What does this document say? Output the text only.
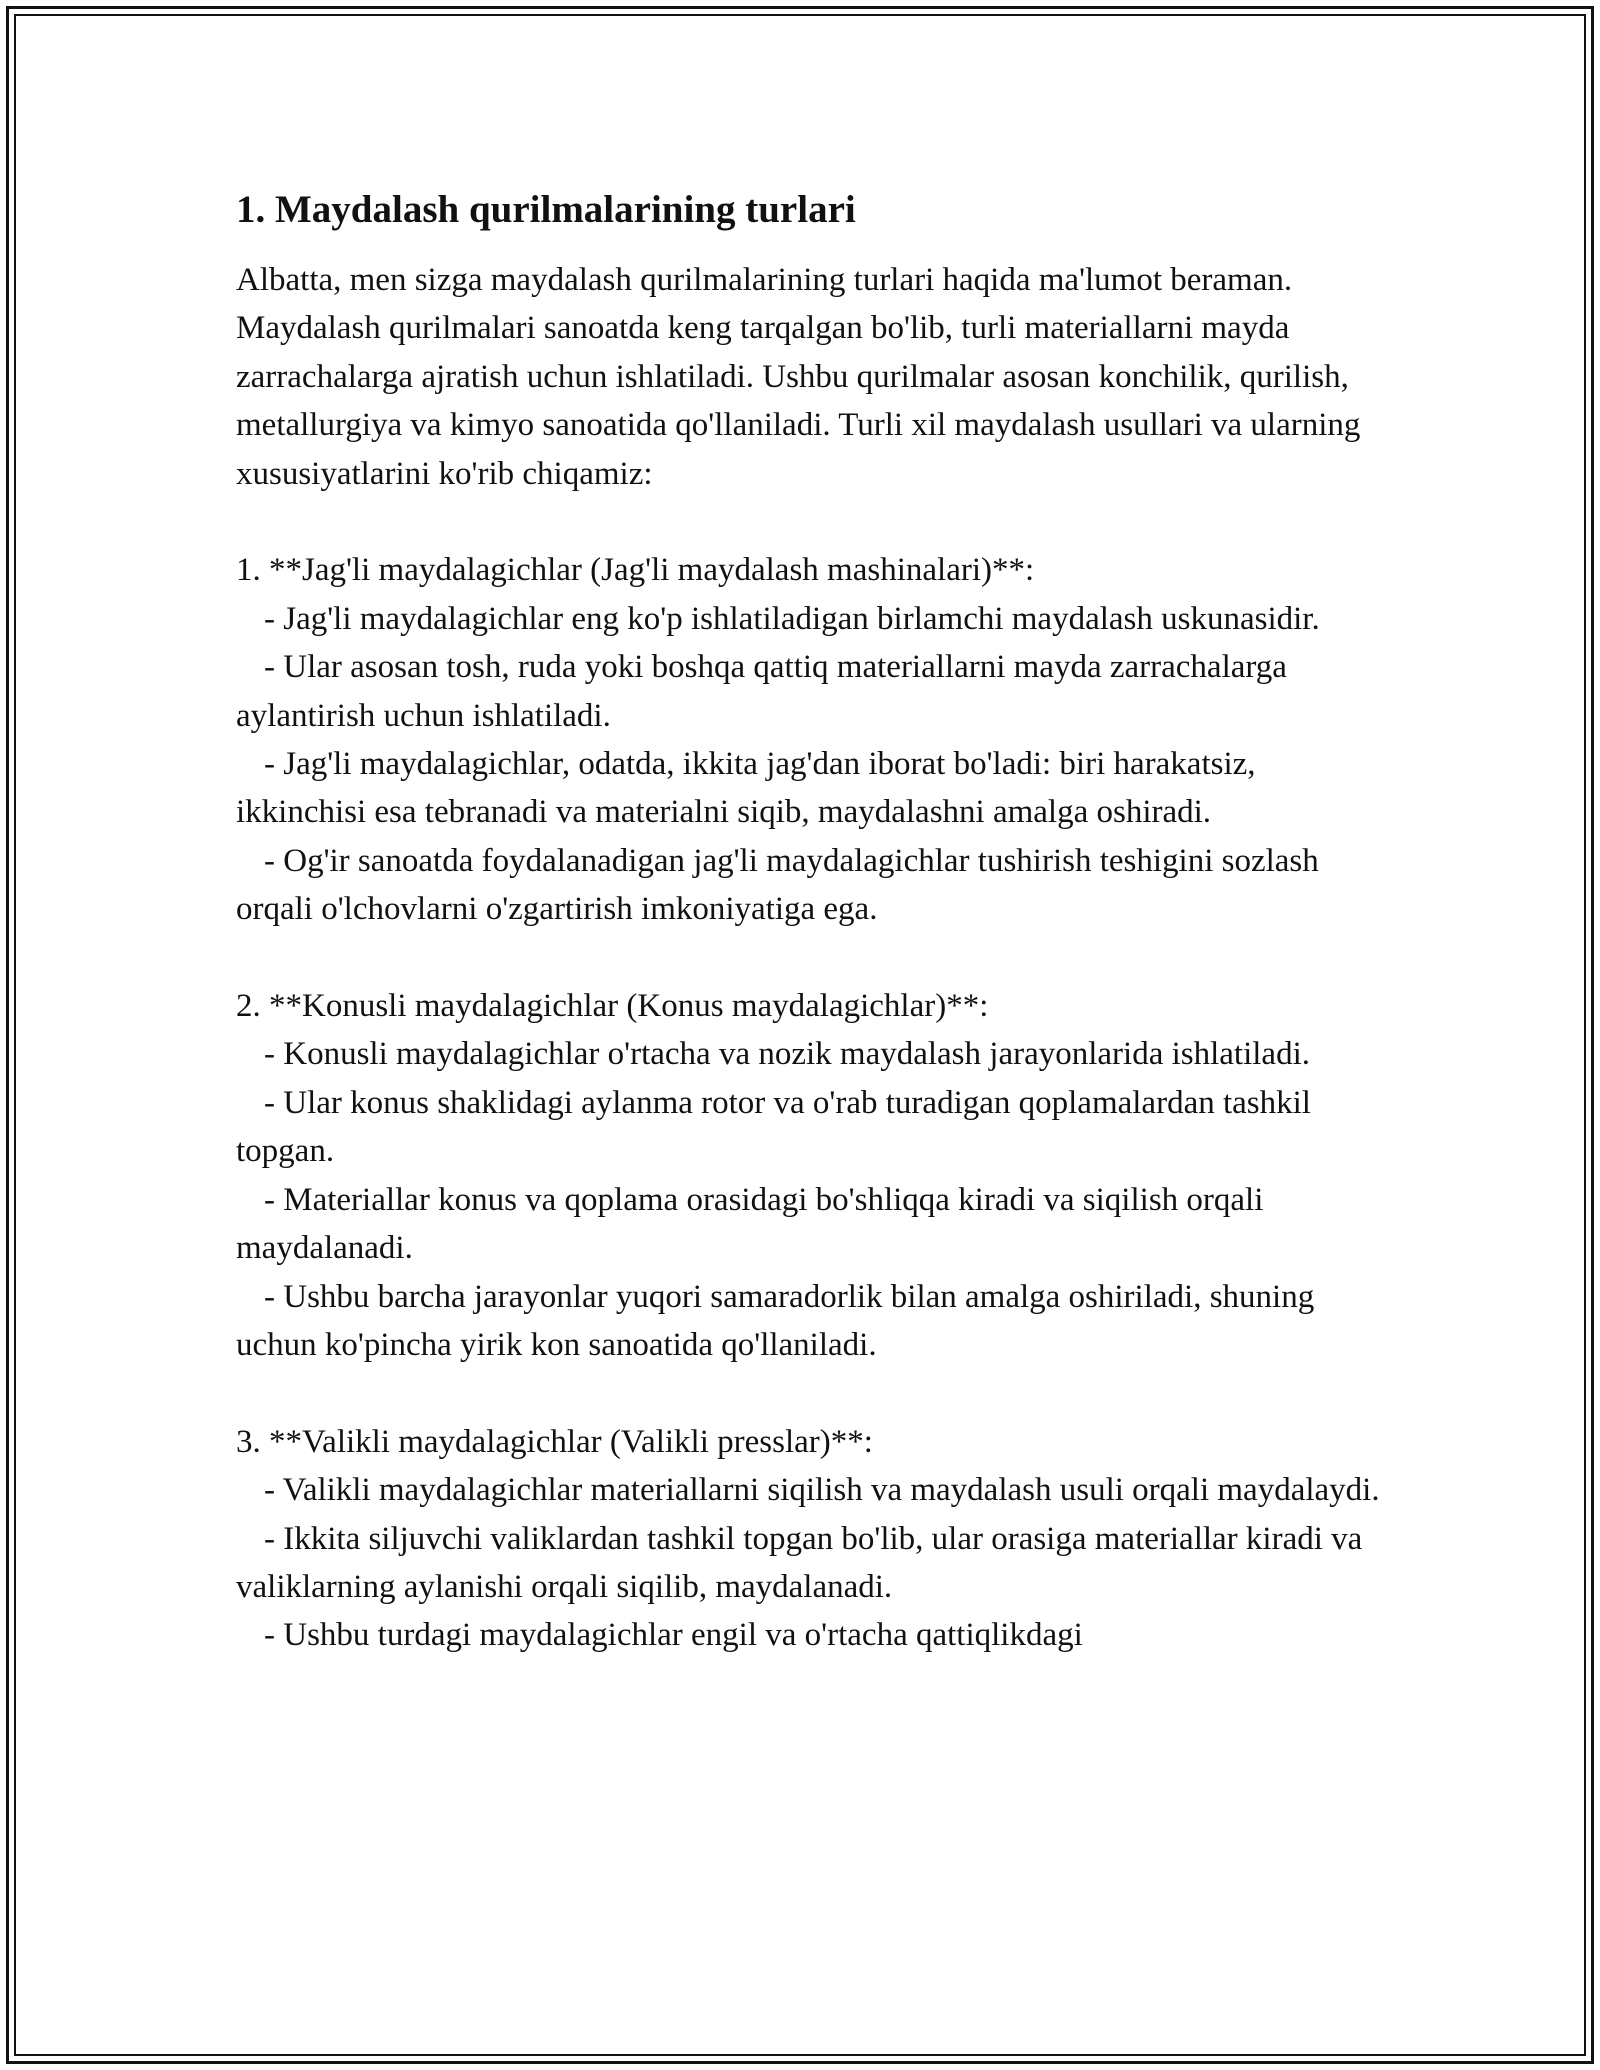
1. Maydalash qurilmalarining turlari

Albatta, men sizga maydalash qurilmalarining turlari haqida ma'lumot beraman. Maydalash qurilmalari sanoatda keng tarqalgan bo'lib, turli materiallarni mayda zarrachalarga ajratish uchun ishlatiladi. Ushbu qurilmalar asosan konchilik, qurilish, metallurgiya va kimyo sanoatida qo'llaniladi. Turli xil maydalash usullari va ularning xususiyatlarini ko'rib chiqamiz:

1. **Jag'li maydalagichlar (Jag'li maydalash mashinalari)**:

- Jag'li maydalagichlar eng ko'p ishlatiladigan birlamchi maydalash uskunasidir.

- Ular asosan tosh, ruda yoki boshqa qattiq materiallarni mayda zarrachalarga aylantirish uchun ishlatiladi.

- Jag'li maydalagichlar, odatda, ikkita jag'dan iborat bo'ladi: biri harakatsiz, ikkinchisi esa tebranadi va materialni siqib, maydalashni amalga oshiradi.

- Og'ir sanoatda foydalanadigan jag'li maydalagichlar tushirish teshigini sozlash orqali o'lchovlarni o'zgartirish imkoniyatiga ega.

2. **Konusli maydalagichlar (Konus maydalagichlar)**:

- Konusli maydalagichlar o'rtacha va nozik maydalash jarayonlarida ishlatiladi.

- Ular konus shaklidagi aylanma rotor va o'rab turadigan qoplamalardan tashkil topgan.

- Materiallar konus va qoplama orasidagi bo'shliqqa kiradi va siqilish orqali maydalanadi.

- Ushbu barcha jarayonlar yuqori samaradorlik bilan amalga oshiriladi, shuning uchun ko'pincha yirik kon sanoatida qo'llaniladi.

3. **Valikli maydalagichlar (Valikli presslar)**:

- Valikli maydalagichlar materiallarni siqilish va maydalash usuli orqali maydalaydi.

- Ikkita siljuvchi valiklardan tashkil topgan bo'lib, ular orasiga materiallar kiradi va valiklarning aylanishi orqali siqilib, maydalanadi.

- Ushbu turdagi maydalagichlar engil va o'rtacha qattiqlikdagi
